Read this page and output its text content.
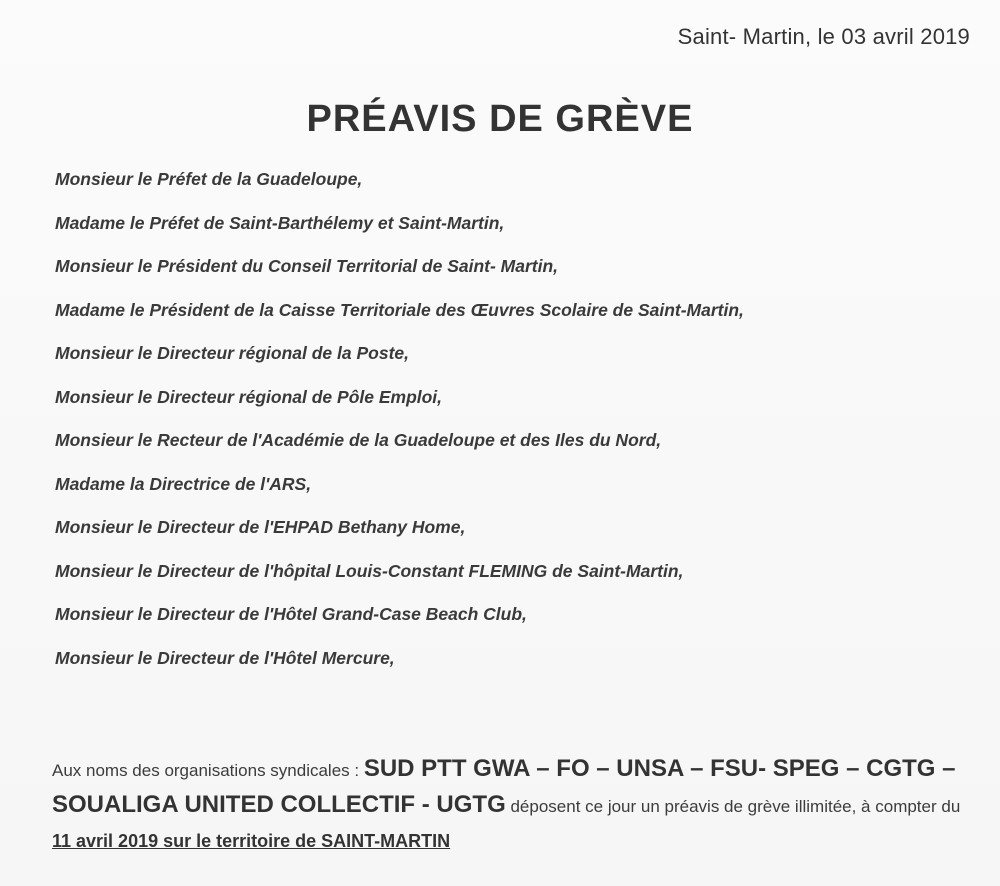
Saint- Martin, le 03 avril 2019
PRÉAVIS DE GRÈVE
Monsieur le Préfet de la Guadeloupe,
Madame le Préfet de Saint-Barthélemy et Saint-Martin,
Monsieur le Président du Conseil Territorial de Saint- Martin,
Madame le Président de la Caisse Territoriale des Œuvres Scolaire de Saint-Martin,
Monsieur le Directeur régional de la Poste,
Monsieur le Directeur régional de Pôle Emploi,
Monsieur le Recteur de l'Académie de la Guadeloupe et des Iles du Nord,
Madame la Directrice de l'ARS,
Monsieur le Directeur de l'EHPAD Bethany Home,
Monsieur le Directeur de l'hôpital Louis-Constant FLEMING de Saint-Martin,
Monsieur le Directeur de l'Hôtel Grand-Case Beach Club,
Monsieur le Directeur de l'Hôtel Mercure,
Aux noms des organisations syndicales : SUD PTT GWA – FO – UNSA – FSU- SPEG – CGTG – SOUALIGA UNITED COLLECTIF - UGTG déposent ce jour un préavis de grève illimitée, à compter du 11 avril 2019 sur le territoire de SAINT-MARTIN
